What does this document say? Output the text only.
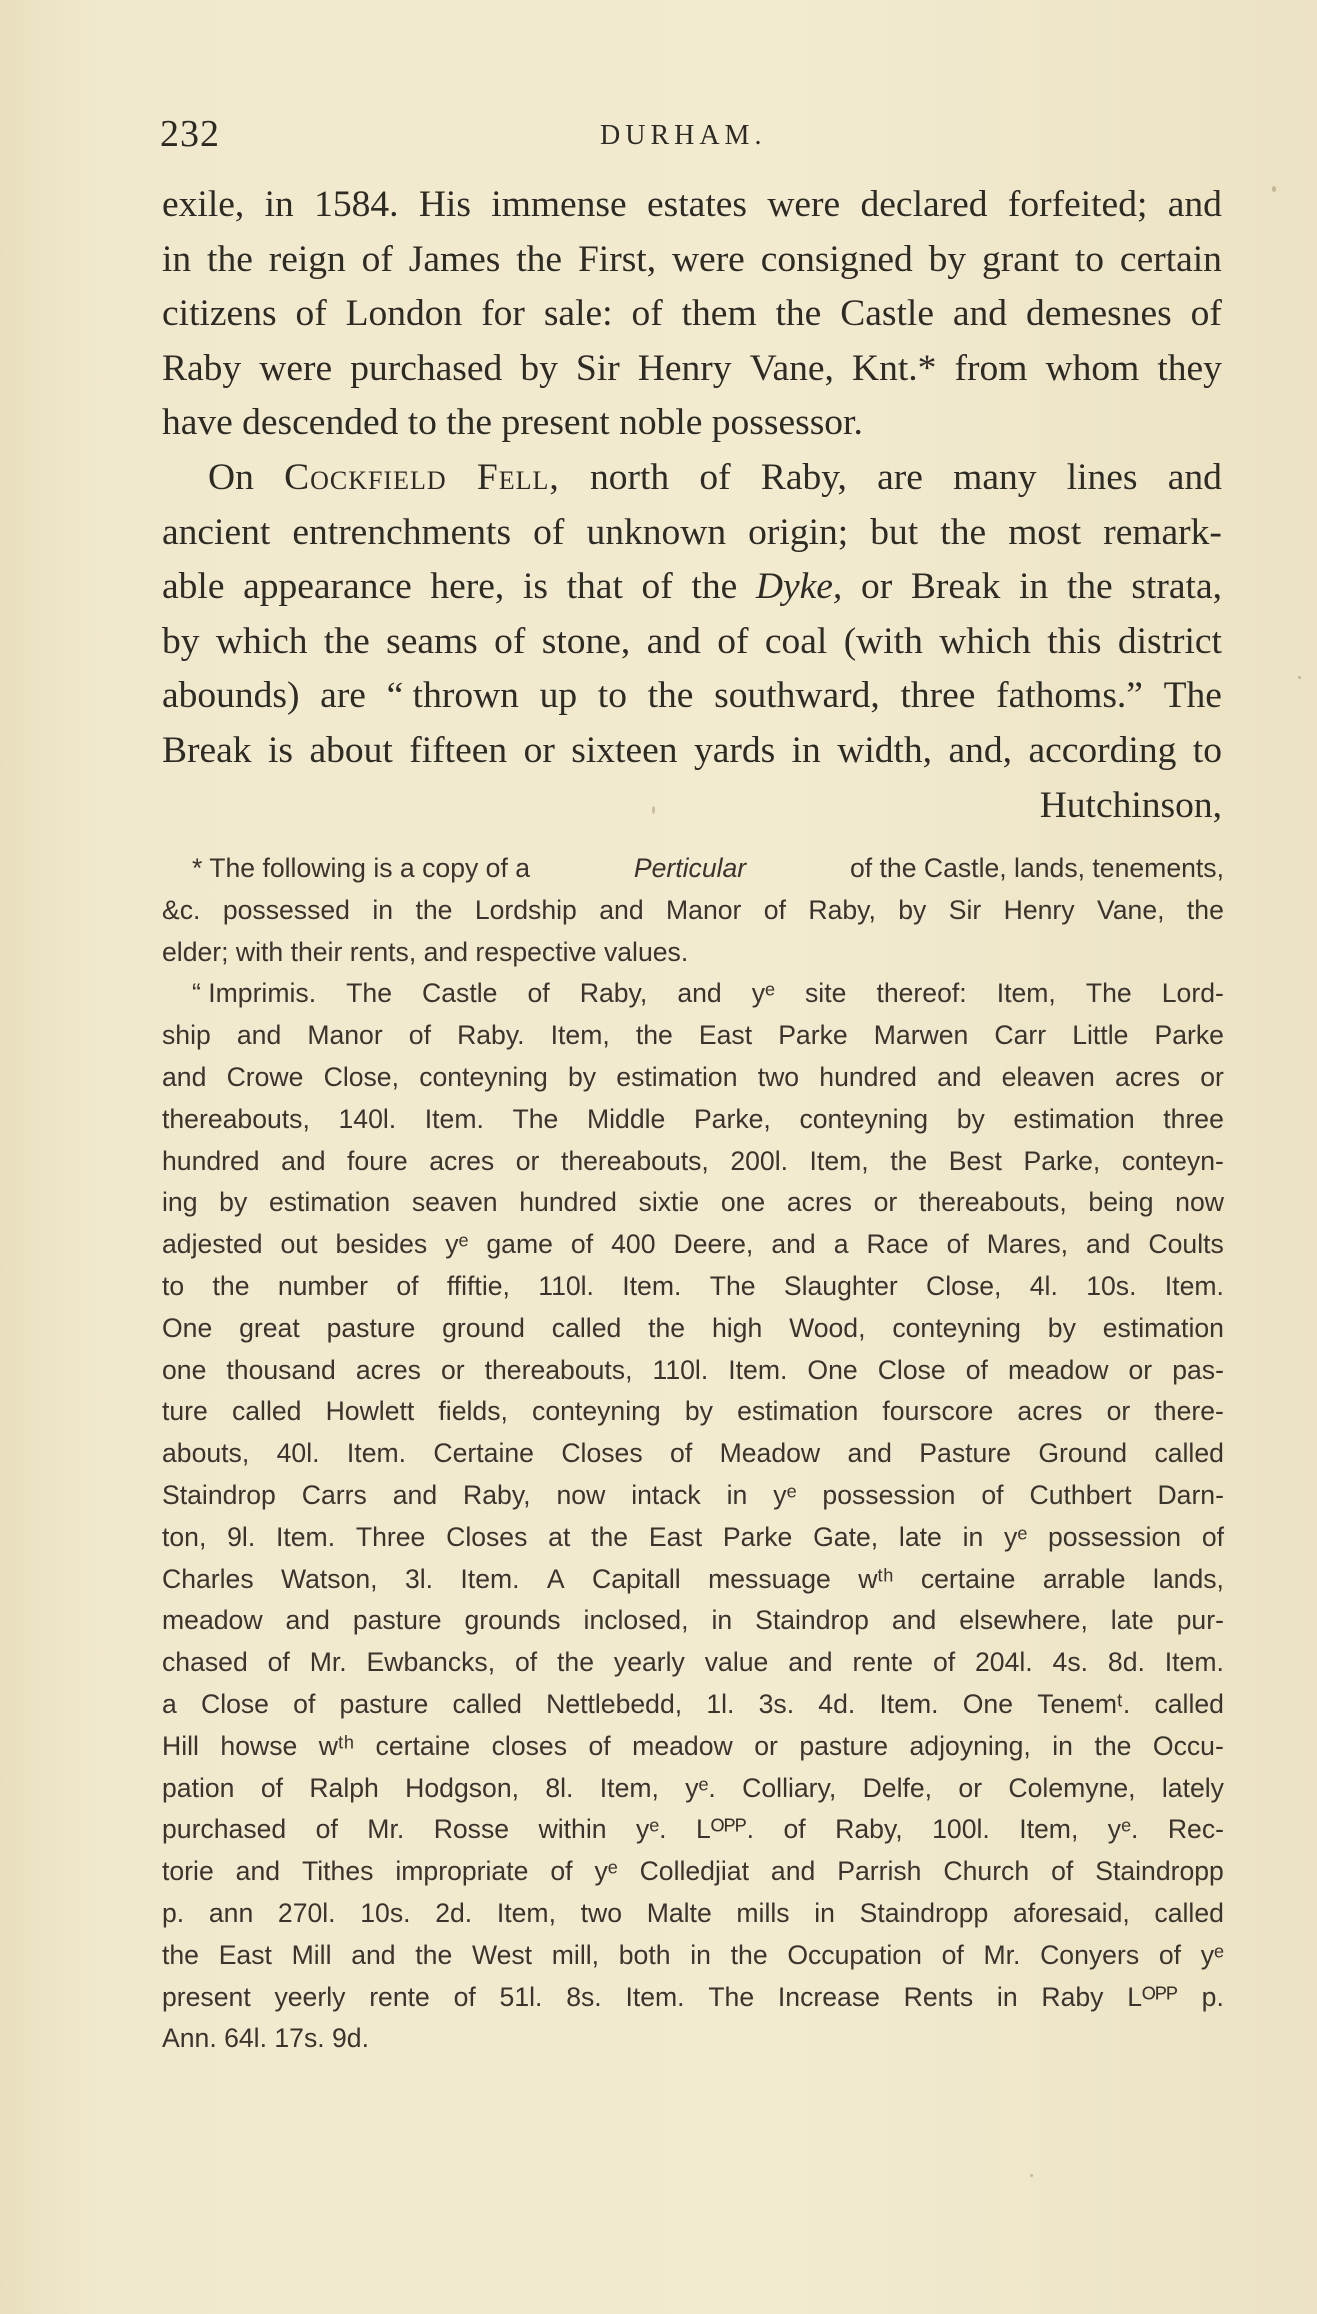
232	DURHAM.
exile, in 1584. His immense estates were declared forfeited; and
in the reign of James the First, were consigned by grant to certain
citizens of London for sale: of them the Castle and demesnes of
Raby were purchased by Sir Henry Vane, Knt.* from whom they
have descended to the present noble possessor.
On Cockfield Fell, north of Raby, are many lines and
ancient entrenchments of unknown origin; but the most remark-
able appearance here, is that of the Dyke, or Break in the strata,
by which the seams of stone, and of coal (with which this district
abounds) are “ thrown up to the southward, three fathoms.” The
Break is about fifteen or sixteen yards in width, and, according to
Hutchinson,
* The following is a copy of a	Perticular	of the Castle, lands, tenements,
&c. possessed in the Lordship and Manor of Raby, by Sir Henry Vane, the
elder; with their rents, and respective values.
“ Imprimis. The Castle of Raby, and yᵉ site thereof: Item, The Lord-
ship and Manor of Raby. Item, the East Parke Marwen Carr Little Parke
and Crowe Close, conteyning by estimation two hundred and eleaven acres or
thereabouts, 140l. Item. The Middle Parke, conteyning by estimation three
hundred and foure acres or thereabouts, 200l. Item, the Best Parke, conteyn-
ing by estimation seaven hundred sixtie one acres or thereabouts, being now
adjested out besides yᵉ game of 400 Deere, and a Race of Mares, and Coults
to the number of ffiftie, 110l. Item. The Slaughter Close, 4l. 10s. Item.
One great pasture ground called the high Wood, conteyning by estimation
one thousand acres or thereabouts, 110l. Item. One Close of meadow or pas-
ture called Howlett fields, conteyning by estimation fourscore acres or there-
abouts, 40l. Item. Certaine Closes of Meadow and Pasture Ground called
Staindrop Carrs and Raby, now intack in yᵉ possession of Cuthbert Darn-
ton, 9l. Item. Three Closes at the East Parke Gate, late in yᵉ possession of
Charles Watson, 3l. Item. A Capitall messuage wᵗʰ certaine arrable lands,
meadow and pasture grounds inclosed, in Staindrop and elsewhere, late pur-
chased of Mr. Ewbancks, of the yearly value and rente of 204l. 4s. 8d. Item.
a Close of pasture called Nettlebedd, 1l. 3s. 4d. Item. One Tenemᵗ. called
Hill howse wᵗʰ certaine closes of meadow or pasture adjoyning, in the Occu-
pation of Ralph Hodgson, 8l. Item, yᵉ. Colliary, Delfe, or Colemyne, lately
purchased of Mr. Rosse within yᵉ. Lᴼᴾᴾ. of Raby, 100l. Item, yᵉ. Rec-
torie and Tithes impropriate of yᵉ Colledjiat and Parrish Church of Staindropp
p. ann 270l. 10s. 2d. Item, two Malte mills in Staindropp aforesaid, called
the East Mill and the West mill, both in the Occupation of Mr. Conyers of yᵉ
present yeerly rente of 51l. 8s. Item. The Increase Rents in Raby Lᴼᴾᴾ p.
Ann. 64l. 17s. 9d.
